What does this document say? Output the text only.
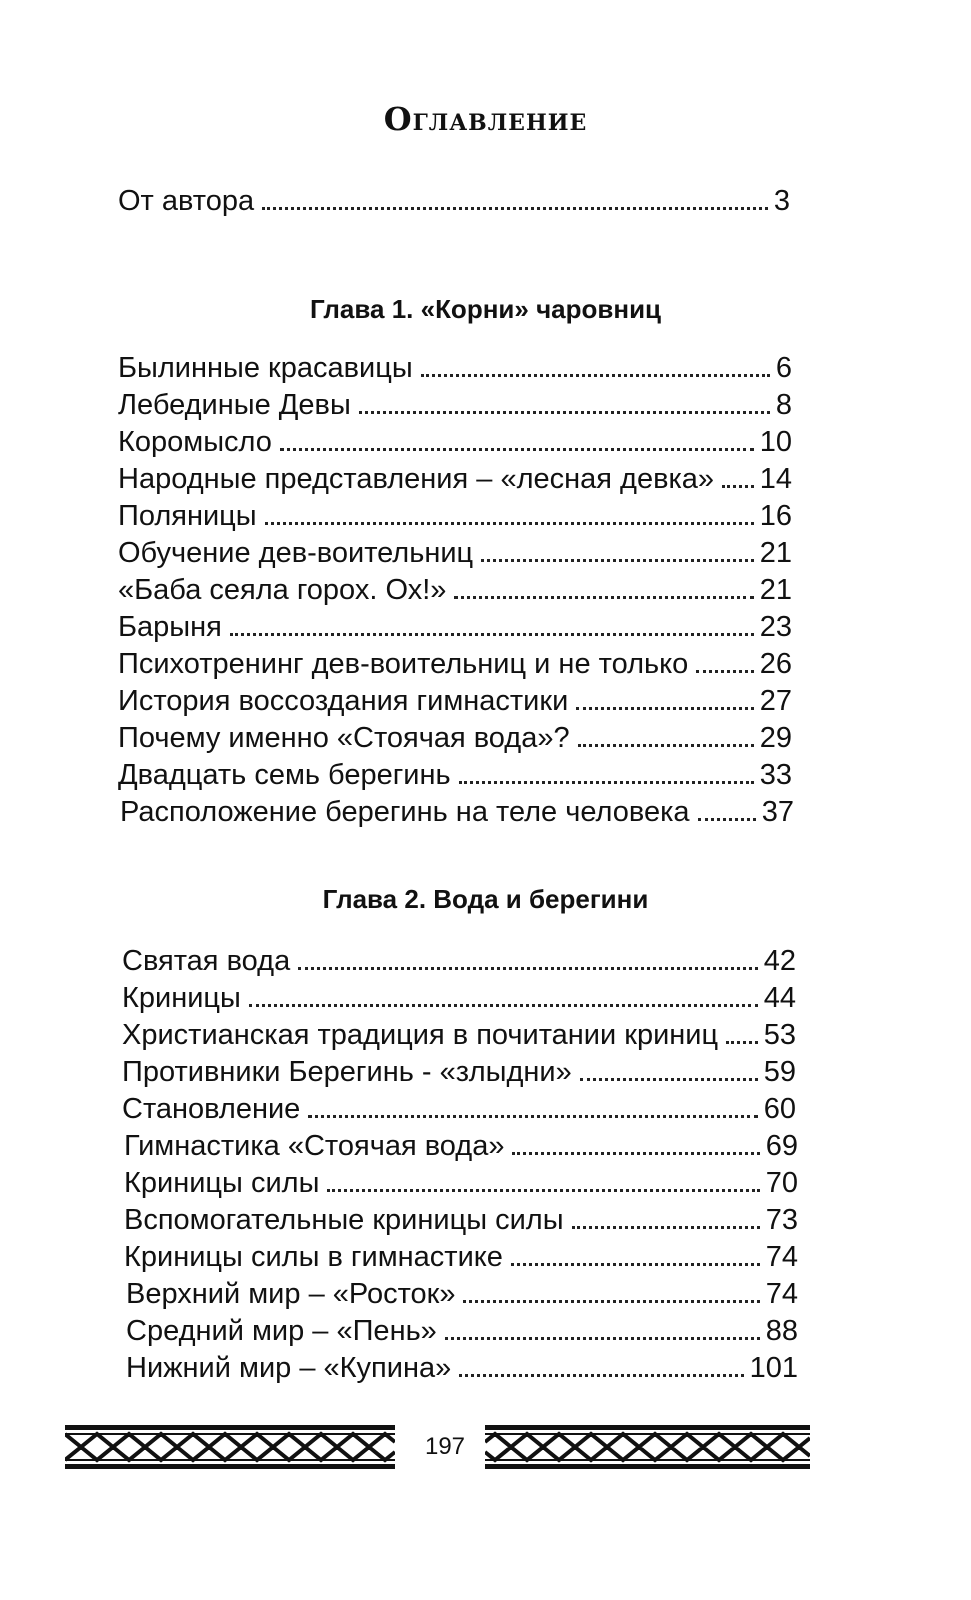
Оглавление
От автора	3
Глава 1. «Корни» чаровниц
Былинные красавицы	6
Лебединые Девы	8
Коромысло	10
Народные представления – «лесная девка» 14
Поляницы	16
Обучение дев-воительниц	21
«Баба сеяла горох. Ох!»	21
Барыня	23
Психотренинг дев-воительниц и не только 26
История воссоздания гимнастики	27
Почему именно «Стоячая вода»?	29
Двадцать семь берегинь	33
Расположение берегинь на теле человека 37
Глава 2. Вода и берегини
Святая вода	42
Криницы	44
Христианская традиция в почитании криниц 53
Противники Берегинь - «злыдни»	59
Становление	60
Гимнастика «Стоячая вода»	69
Криницы силы	70
Вспомогательные криницы силы	73
Криницы силы в гимнастике	74
Верхний мир – «Росток»	74
Средний мир – «Пень»	88
Нижний мир – «Купина»	101
197
